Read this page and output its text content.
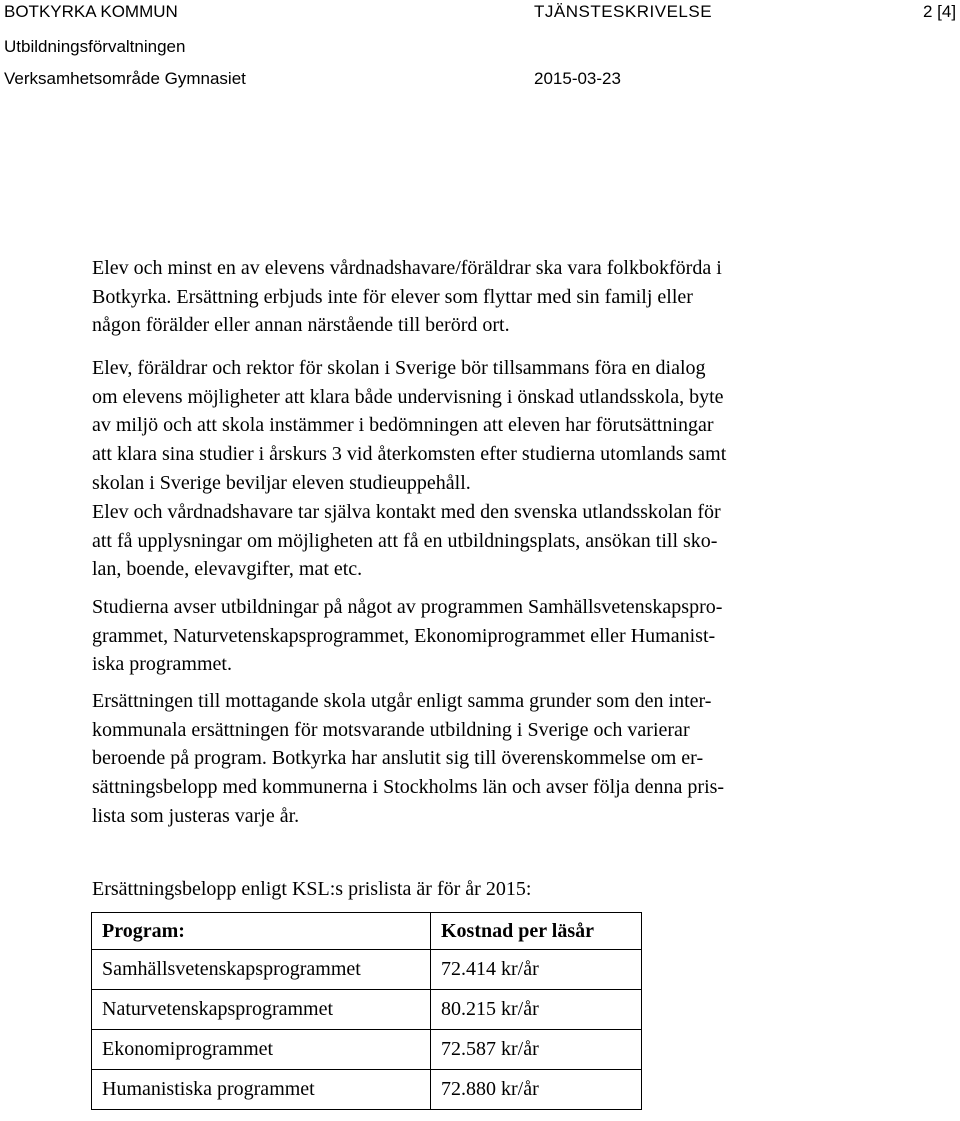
BOTKYRKA KOMMUN
Utbildningsförvaltningen
Verksamhetsområde Gymnasiet
TJÄNSTESKRIVELSE	2 [4]
2015-03-23

Elev och minst en av elevens vårdnadshavare/föräldrar ska vara folkbokförda i
Botkyrka. Ersättning erbjuds inte för elever som flyttar med sin familj eller
någon förälder eller annan närstående till berörd ort.

Elev, föräldrar och rektor för skolan i Sverige bör tillsammans föra en dialog
om elevens möjligheter att klara både undervisning i önskad utlandsskola, byte
av miljö och att skola instämmer i bedömningen att eleven har förutsättningar
att klara sina studier i årskurs 3 vid återkomsten efter studierna utomlands samt
skolan i Sverige beviljar eleven studieuppehåll.

Elev och vårdnadshavare tar själva kontakt med den svenska utlandsskolan för
att få upplysningar om möjligheten att få en utbildningsplats, ansökan till sko-
lan, boende, elevavgifter, mat etc.

Studierna avser utbildningar på något av programmen Samhällsvetenskapspro-
grammet, Naturvetenskapsprogrammet, Ekonomiprogrammet eller Humanist-
iska programmet.

Ersättningen till mottagande skola utgår enligt samma grunder som den inter-
kommunala ersättningen för motsvarande utbildning i Sverige och varierar
beroende på program. Botkyrka har anslutit sig till överenskommelse om er-
sättningsbelopp med kommunerna i Stockholms län och avser följa denna pris-
lista som justeras varje år.

Ersättningsbelopp enligt KSL:s prislista är för år 2015:

Program:	Kostnad per läsår
Samhällsvetenskapsprogrammet	72.414 kr/år
Naturvetenskapsprogrammet	80.215 kr/år
Ekonomiprogrammet	72.587 kr/år
Humanistiska programmet	72.880 kr/år
